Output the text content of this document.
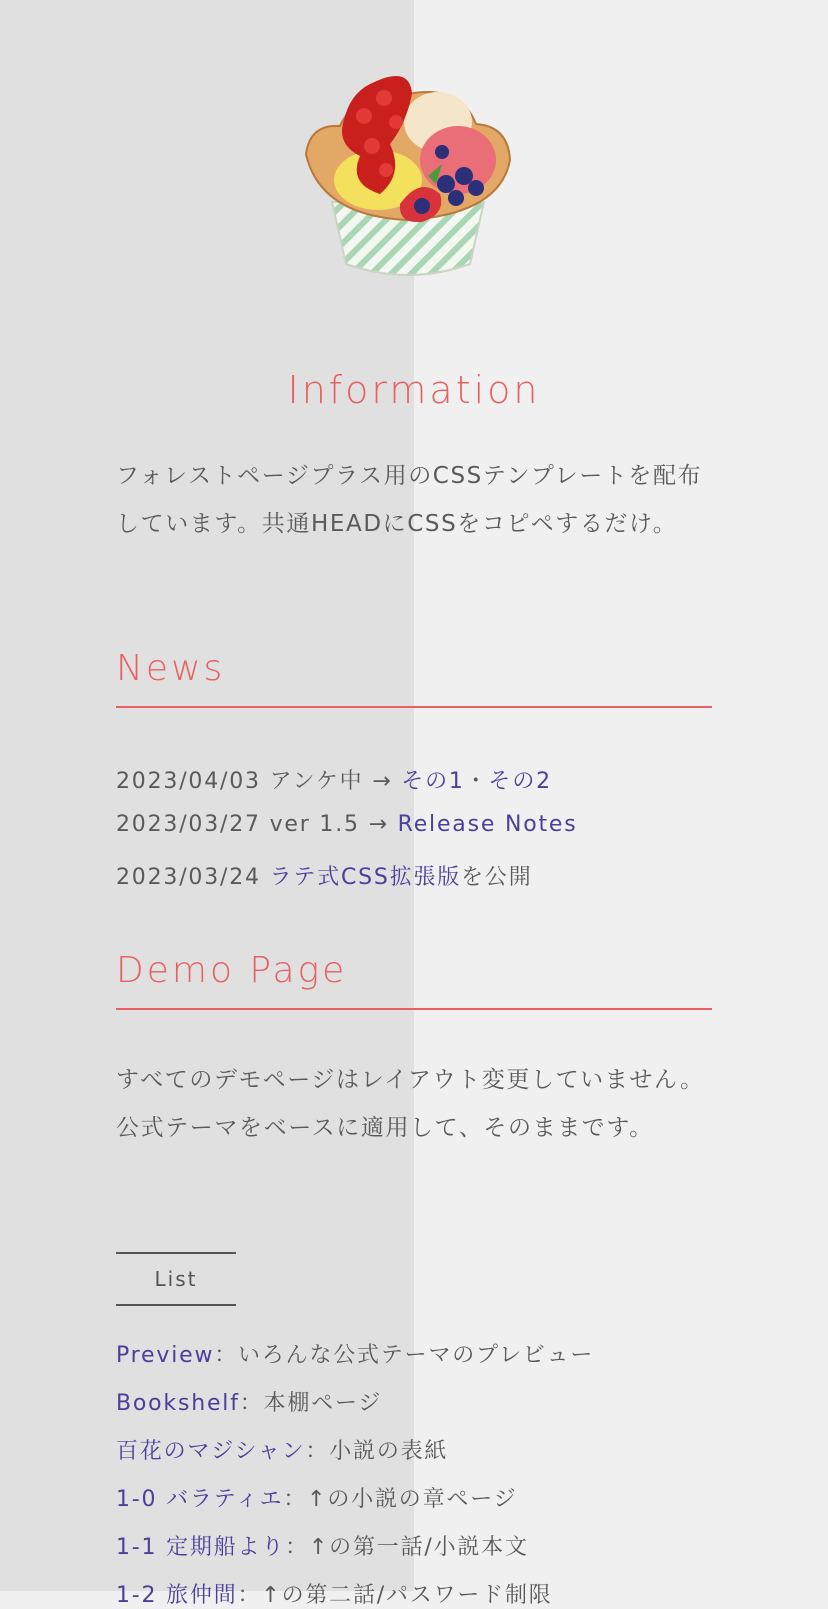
Information
フォレストページプラス用のCSSテンプレートを配布しています。共通HEADにCSSをコピペするだけ。
News
2023/04/03 アンケ中 → その1・その2
2023/03/27 ver 1.5 → Release Notes
2023/03/24 ラテ式CSS拡張版を公開
Demo Page
すべてのデモページはレイアウト変更していません。公式テーマをベースに適用して、そのままです。
List
Preview：いろんな公式テーマのプレビュー
Bookshelf：本棚ページ
百花のマジシャン：小説の表紙
1-0 バラティエ：↑の小説の章ページ
1-1 定期船より：↑の第一話/小説本文
1-2 旅仲間：↑の第二話/パスワード制限
